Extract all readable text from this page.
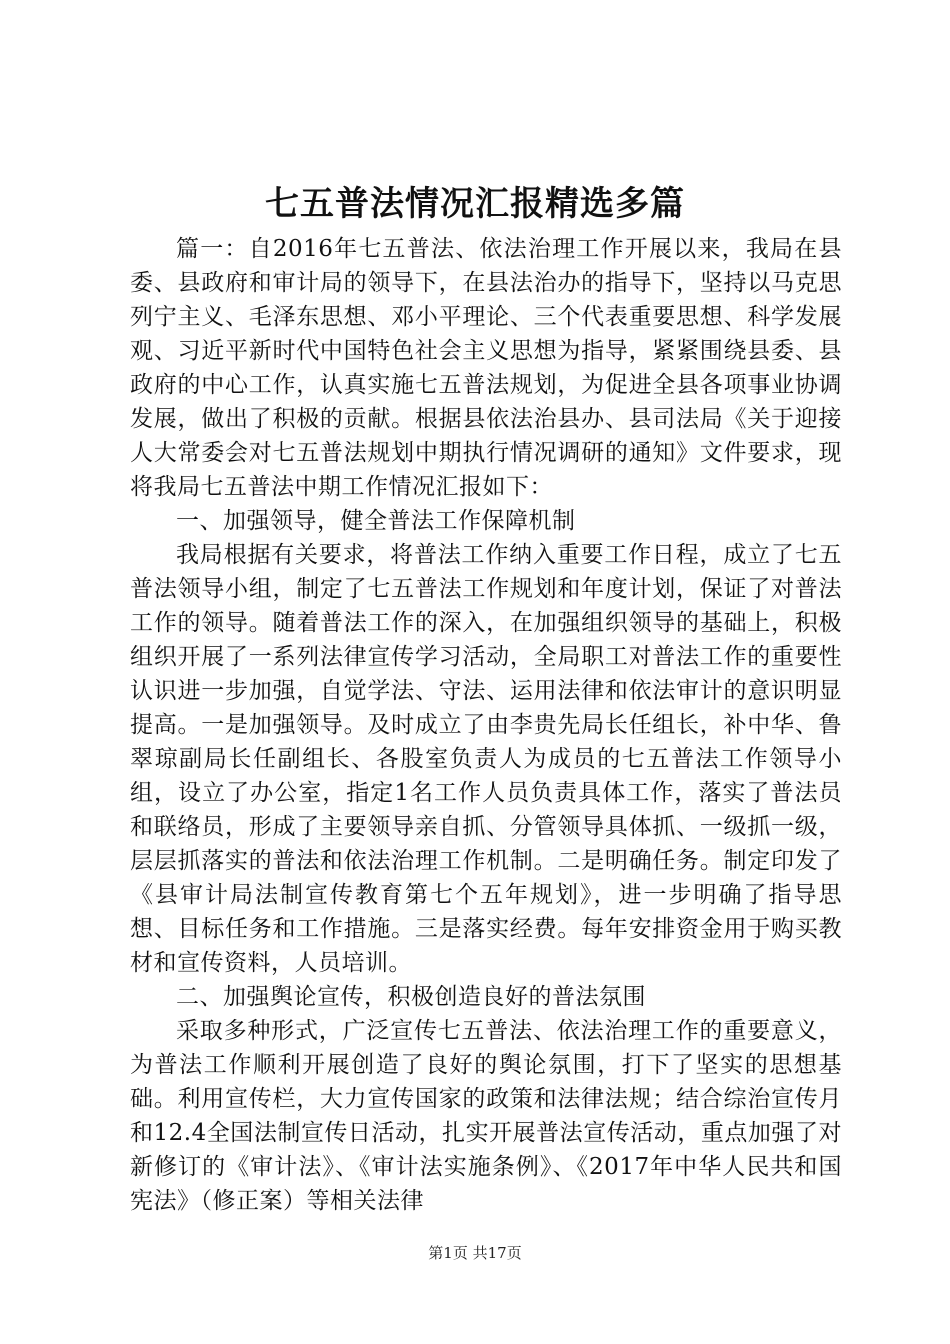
七五普法情况汇报精选多篇

篇一：自2016年七五普法、依法治理工作开展以来，我局在县委、县政府和审计局的领导下，在县法治办的指导下，坚持以马克思列宁主义、毛泽东思想、邓小平理论、三个代表重要思想、科学发展观、习近平新时代中国特色社会主义思想为指导，紧紧围绕县委、县政府的中心工作，认真实施七五普法规划，为促进全县各项事业协调发展，做出了积极的贡献。根据县依法治县办、县司法局《关于迎接人大常委会对七五普法规划中期执行情况调研的通知》文件要求，现将我局七五普法中期工作情况汇报如下：

一、加强领导，健全普法工作保障机制

我局根据有关要求，将普法工作纳入重要工作日程，成立了七五普法领导小组，制定了七五普法工作规划和年度计划，保证了对普法工作的领导。随着普法工作的深入，在加强组织领导的基础上，积极组织开展了一系列法律宣传学习活动，全局职工对普法工作的重要性认识进一步加强，自觉学法、守法、运用法律和依法审计的意识明显提高。一是加强领导。及时成立了由李贵先局长任组长，补中华、鲁翠琼副局长任副组长、各股室负责人为成员的七五普法工作领导小组，设立了办公室，指定1名工作人员负责具体工作，落实了普法员和联络员，形成了主要领导亲自抓、分管领导具体抓、一级抓一级，层层抓落实的普法和依法治理工作机制。二是明确任务。制定印发了《县审计局法制宣传教育第七个五年规划》，进一步明确了指导思想、目标任务和工作措施。三是落实经费。每年安排资金用于购买教材和宣传资料，人员培训。

二、加强舆论宣传，积极创造良好的普法氛围

采取多种形式，广泛宣传七五普法、依法治理工作的重要意义，为普法工作顺利开展创造了良好的舆论氛围，打下了坚实的思想基础。利用宣传栏，大力宣传国家的政策和法律法规；结合综治宣传月和12.4全国法制宣传日活动，扎实开展普法宣传活动，重点加强了对新修订的《审计法》、《审计法实施条例》、《2017年中华人民共和国宪法》（修正案）等相关法律

第1页 共17页
